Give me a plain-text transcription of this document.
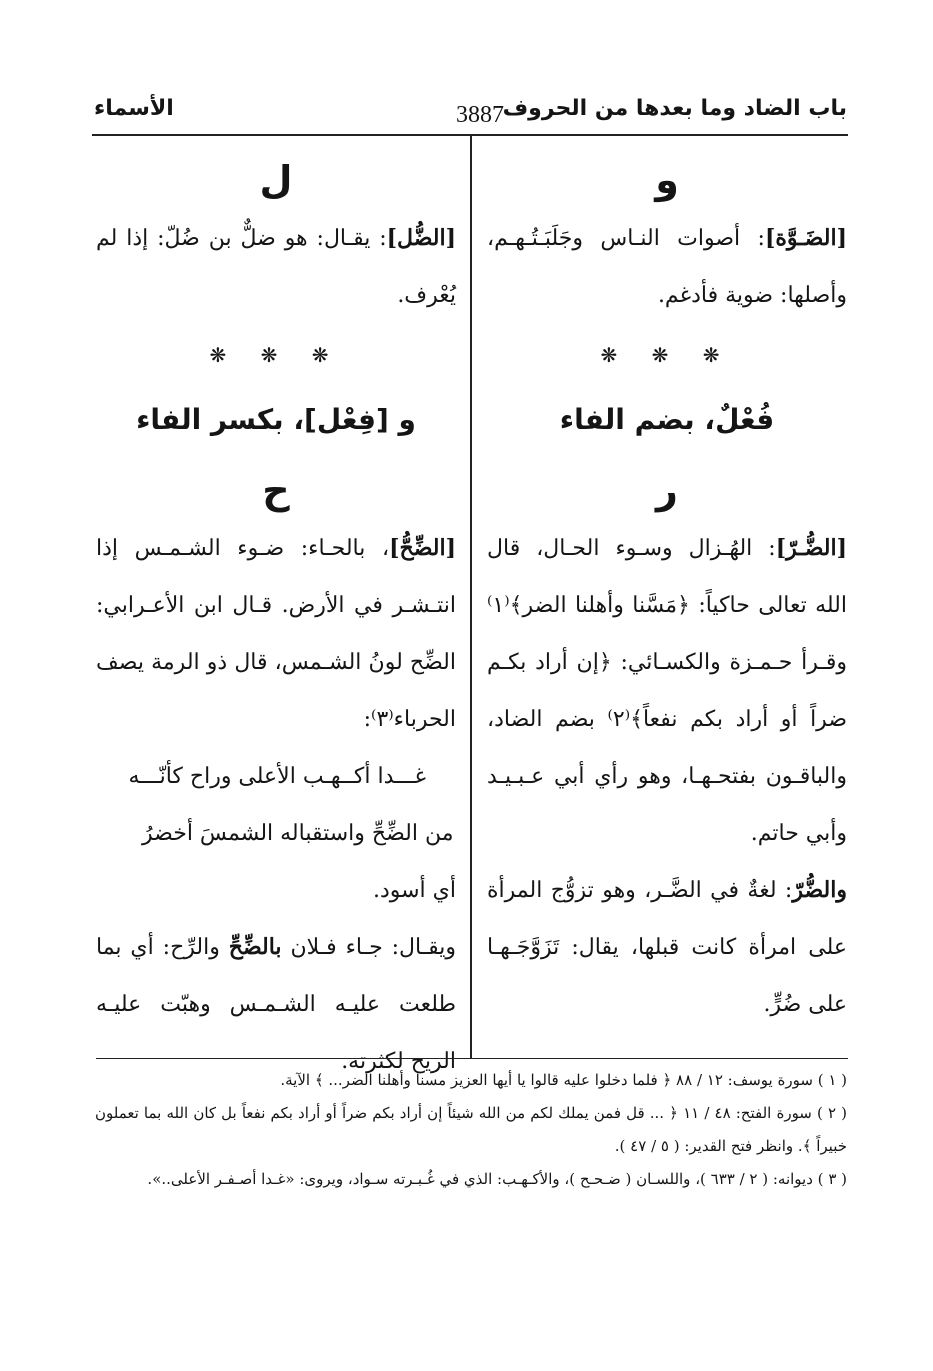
باب الضاد وما بعدها من الحروف
3887
الأسماء
و

[الضَـوَّة]: أصوات النـاس وجَلَبَـتُـهـم، وأصلها: ضوية فأدغم.

❋ ❋ ❋
فُعْلٌ، بضم الفاء
ر

[الضُّـرّ]: الهُـزال وسـوء الحـال، قال الله تعالى حاكياً: ﴿مَسَّنا وأهلنا الضر﴾⁽١⁾ وقـرأ حـمـزة والكسـائي: ﴿إن أراد بكـم ضراً أو أراد بكم نفعاً﴾⁽٢⁾ بضم الضاد، والباقـون بفتحـهـا، وهو رأي أبي عـبـيـد وأبي حاتم.

والضُّرّ: لغةٌ في الضَّـر، وهو تزوُّج المرأة على امرأة كانت قبلها، يقال: تَزَوَّجَـهـا على ضُرٍّ.

ل

[الضُّل]: يقـال: هو ضلٌّ بن ضُلّ: إذا لم يُعْرف.

❋ ❋ ❋
و [فِعْل]، بكسر الفاء
ح

[الضِّحُّ]، بالحـاء: ضـوء الشـمـس إذا انتـشـر في الأرض. قـال ابن الأعـرابي: الضِّح لونُ الشـمس، قال ذو الرمة يصف الحرباء⁽٣⁾:

غـــدا أكــهـب الأعلى وراح كأنّـــه

من الضِّحِّ واستقباله الشمسَ أخضرُ

أي أسود.

ويقـال: جـاء فـلان بالضِّحِّ والرِّح: أي بما طلعت عليـه الشـمـس وهبّت عليـه الريح لكثرته.

( ١ ) سورة يوسف: ١٢ / ٨٨ ﴿ فلما دخلوا عليه قالوا يا أيها العزيز مسنا وأهلنا الضر... ﴾ الآية.

( ٢ ) سورة الفتح: ٤٨ / ١١ ﴿ ... قل فمن يملك لكم من الله شيئاً إن أراد بكم ضراً أو أراد بكم نفعاً بل كان الله بما تعملون خبيراً ﴾. وانظر فتح القدير: ( ٥ / ٤٧ ).

( ٣ ) ديوانه: ( ٢ / ٦٣٣ )، واللسـان ( ضـحـح )، والأكـهـب: الذي في غُـبـرته سـواد، ويروى: «غـدا أصـفـر الأعلى..».
